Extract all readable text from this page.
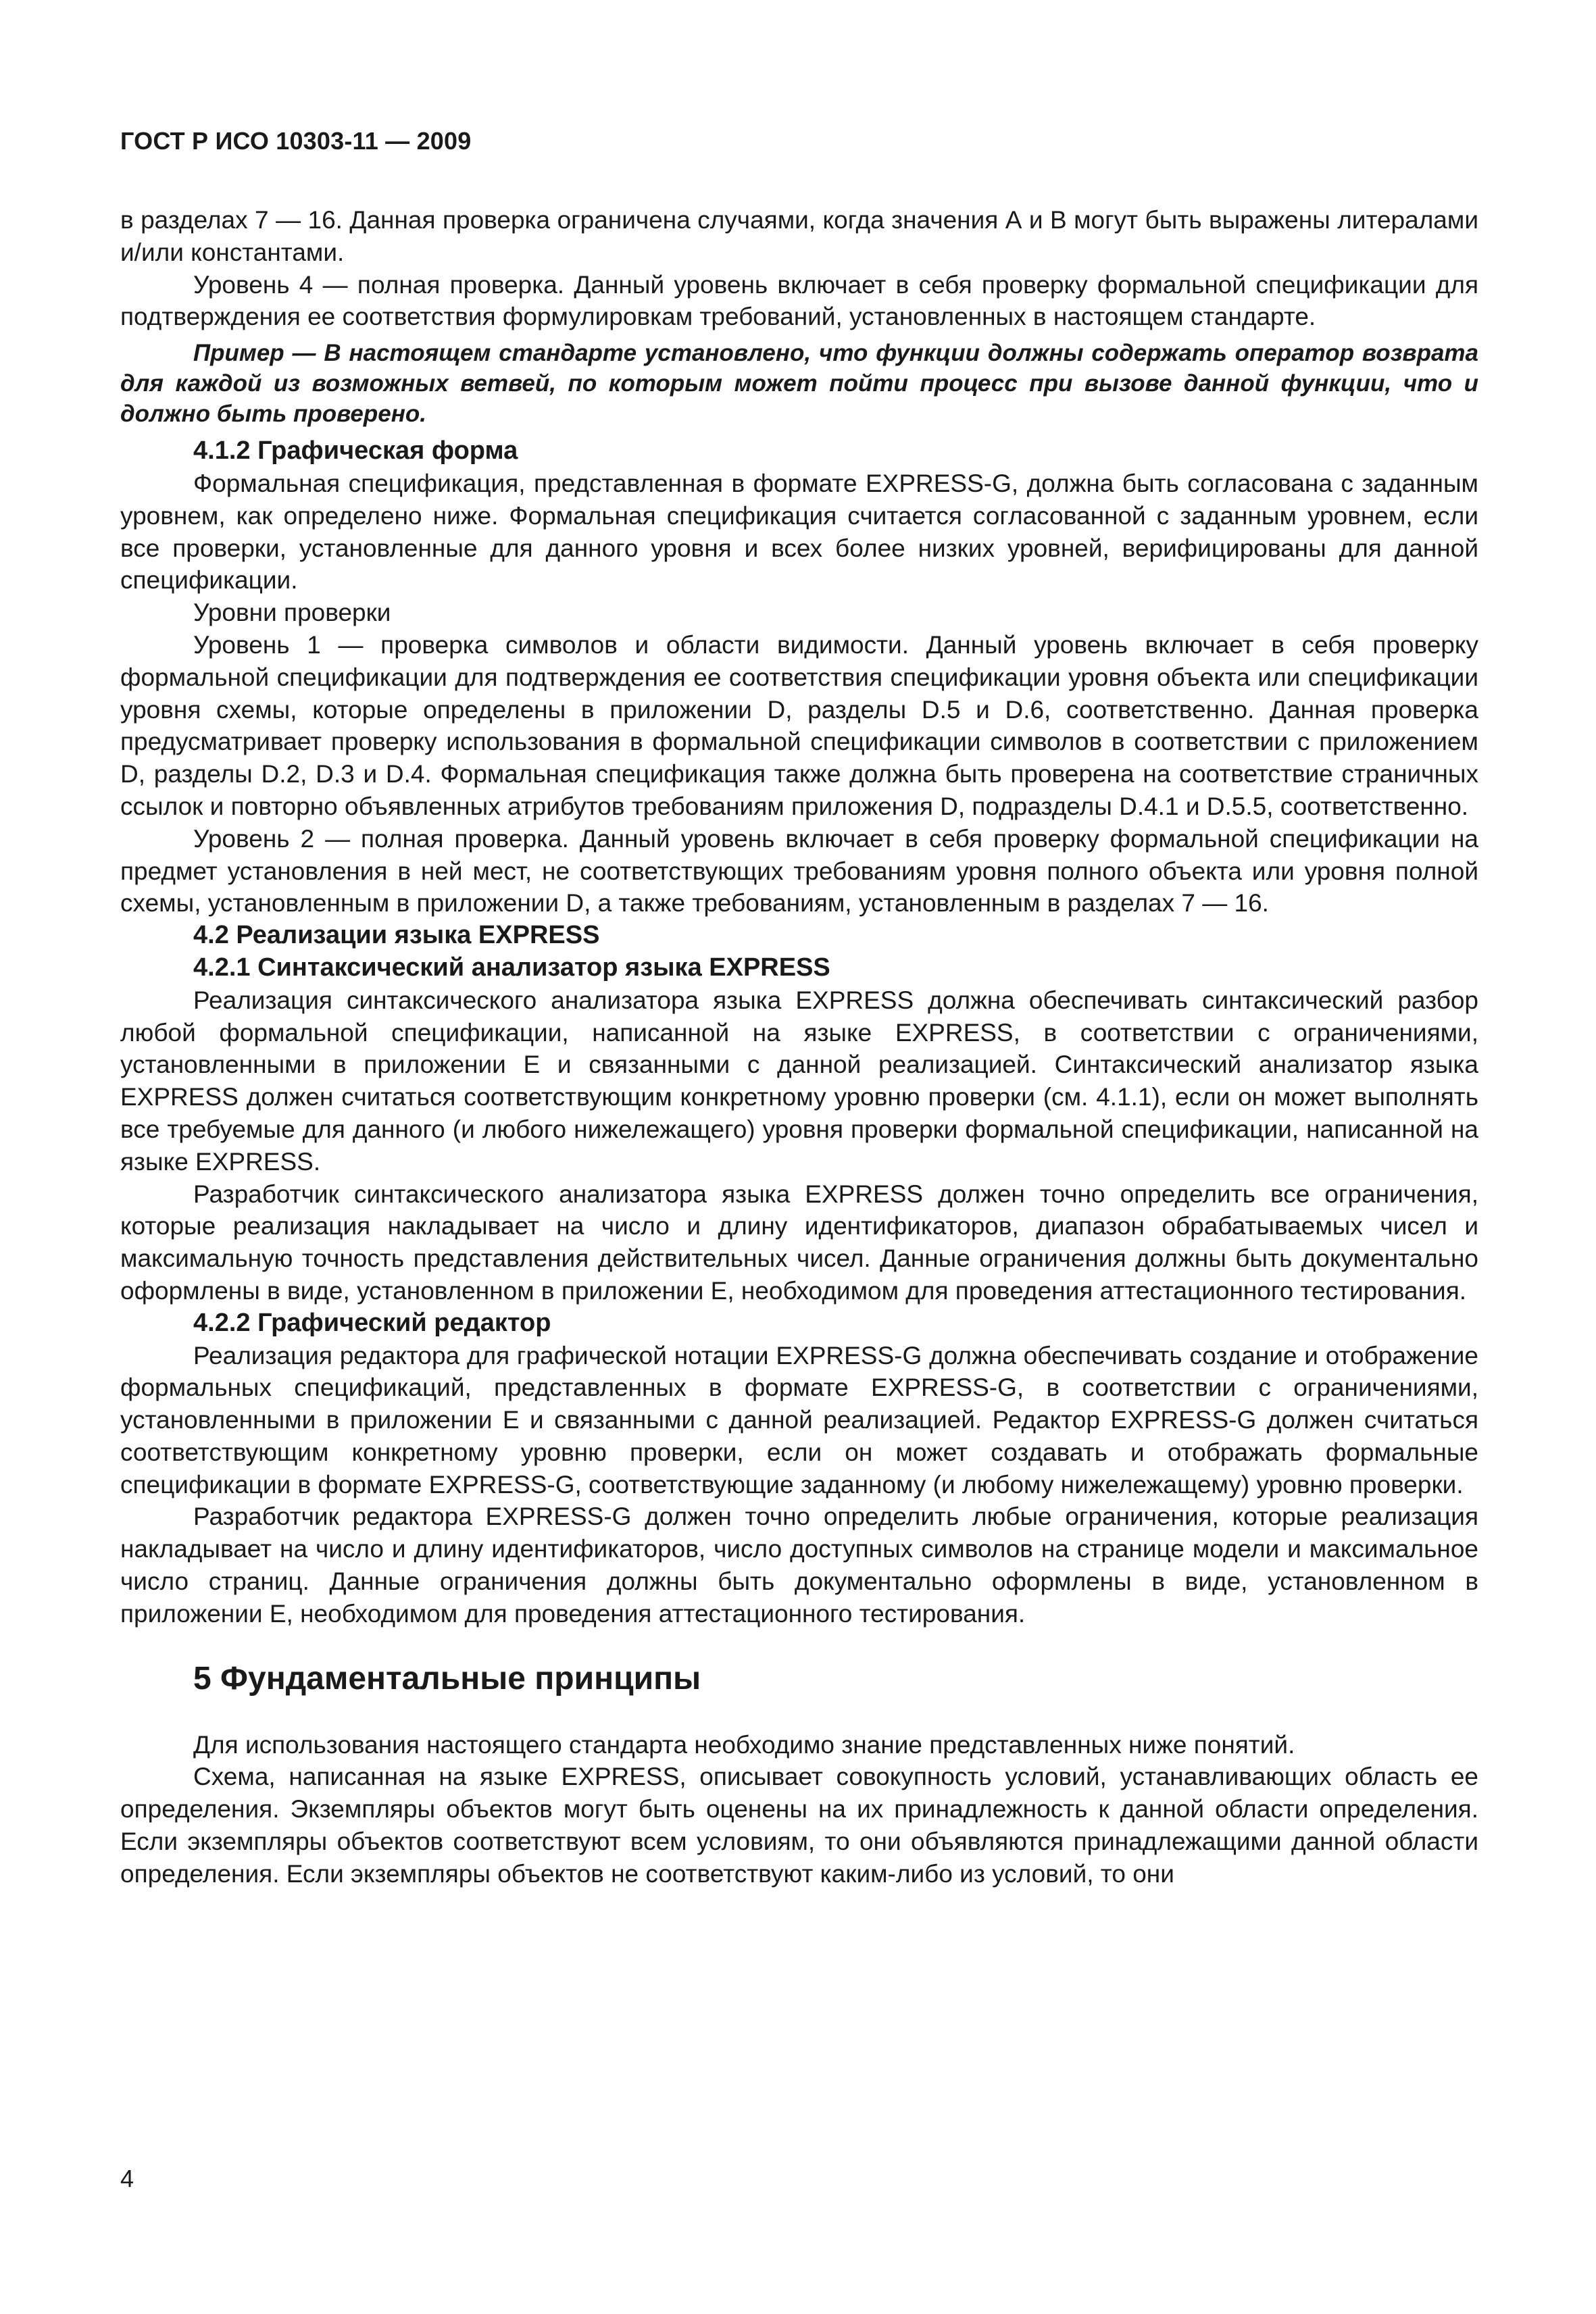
ГОСТ Р ИСО 10303-11 — 2009

в разделах 7 — 16. Данная проверка ограничена случаями, когда значения А и В могут быть выражены литералами и/или константами.

Уровень 4 — полная проверка. Данный уровень включает в себя проверку формальной спецификации для подтверждения ее соответствия формулировкам требований, установленных в настоящем стандарте.

Пример — В настоящем стандарте установлено, что функции должны содержать оператор возврата для каждой из возможных ветвей, по которым может пойти процесс при вызове данной функции, что и должно быть проверено.

4.1.2 Графическая форма

Формальная спецификация, представленная в формате EXPRESS-G, должна быть согласована с заданным уровнем, как определено ниже. Формальная спецификация считается согласованной с заданным уровнем, если все проверки, установленные для данного уровня и всех более низких уровней, верифицированы для данной спецификации.

Уровни проверки

Уровень 1 — проверка символов и области видимости. Данный уровень включает в себя проверку формальной спецификации для подтверждения ее соответствия спецификации уровня объекта или спецификации уровня схемы, которые определены в приложении D, разделы D.5 и D.6, соответственно. Данная проверка предусматривает проверку использования в формальной спецификации символов в соответствии с приложением D, разделы D.2, D.3 и D.4. Формальная спецификация также должна быть проверена на соответствие страничных ссылок и повторно объявленных атрибутов требованиям приложения D, подразделы D.4.1 и D.5.5, соответственно.

Уровень 2 — полная проверка. Данный уровень включает в себя проверку формальной спецификации на предмет установления в ней мест, не соответствующих требованиям уровня полного объекта или уровня полной схемы, установленным в приложении D, а также требованиям, установленным в разделах 7 — 16.

4.2 Реализации языка EXPRESS

4.2.1 Синтаксический анализатор языка EXPRESS

Реализация синтаксического анализатора языка EXPRESS должна обеспечивать синтаксический разбор любой формальной спецификации, написанной на языке EXPRESS, в соответствии с ограничениями, установленными в приложении Е и связанными с данной реализацией. Синтаксический анализатор языка EXPRESS должен считаться соответствующим конкретному уровню проверки (см. 4.1.1), если он может выполнять все требуемые для данного (и любого нижележащего) уровня проверки формальной спецификации, написанной на языке EXPRESS.

Разработчик синтаксического анализатора языка EXPRESS должен точно определить все ограничения, которые реализация накладывает на число и длину идентификаторов, диапазон обрабатываемых чисел и максимальную точность представления действительных чисел. Данные ограничения должны быть документально оформлены в виде, установленном в приложении Е, необходимом для проведения аттестационного тестирования.

4.2.2 Графический редактор

Реализация редактора для графической нотации EXPRESS-G должна обеспечивать создание и отображение формальных спецификаций, представленных в формате EXPRESS-G, в соответствии с ограничениями, установленными в приложении Е и связанными с данной реализацией. Редактор EXPRESS-G должен считаться соответствующим конкретному уровню проверки, если он может создавать и отображать формальные спецификации в формате EXPRESS-G, соответствующие заданному (и любому нижележащему) уровню проверки.

Разработчик редактора EXPRESS-G должен точно определить любые ограничения, которые реализация накладывает на число и длину идентификаторов, число доступных символов на странице модели и максимальное число страниц. Данные ограничения должны быть документально оформлены в виде, установленном в приложении Е, необходимом для проведения аттестационного тестирования.

5 Фундаментальные принципы

Для использования настоящего стандарта необходимо знание представленных ниже понятий.

Схема, написанная на языке EXPRESS, описывает совокупность условий, устанавливающих область ее определения. Экземпляры объектов могут быть оценены на их принадлежность к данной области определения. Если экземпляры объектов соответствуют всем условиям, то они объявляются принадлежащими данной области определения. Если экземпляры объектов не соответствуют каким-либо из условий, то они

4
